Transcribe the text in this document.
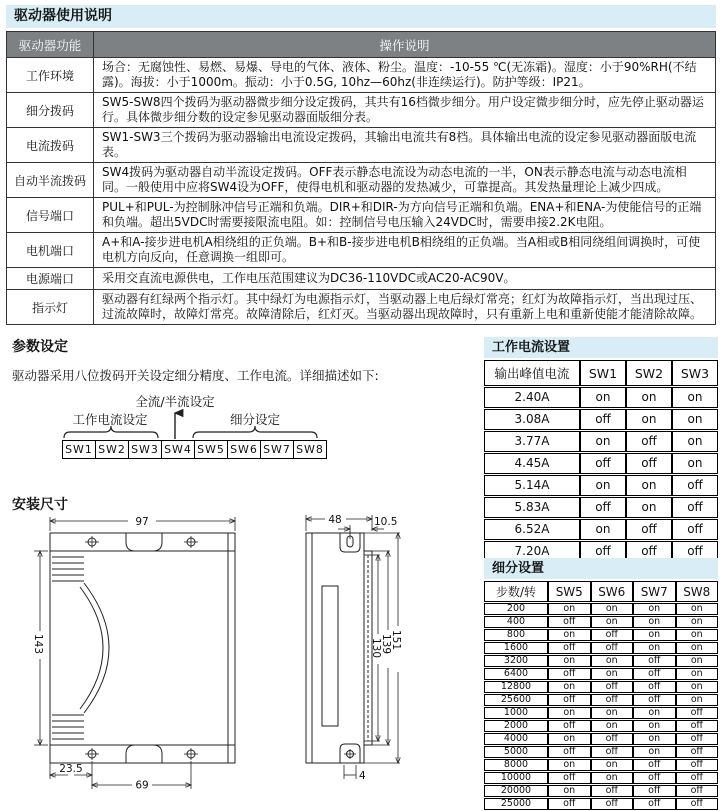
驱动器使用说明
驱动器功能	操作说明
工作环境	场合：无腐蚀性、易燃、易爆、导电的气体、液体、粉尘。温度：-10-55 ℃(无冻霜)。湿度：小于90%RH(不结露)。海拔：小于1000m。振动：小于0.5G, 10hz—60hz(非连续运行)。防护等级：IP21。
细分拨码	SW5-SW8四个拨码为驱动器微步细分设定拨码，其共有16档微步细分。用户设定微步细分时，应先停止驱动器运行。具体微步细分数的设定参见驱动器面版细分表。
电流拨码	SW1-SW3三个拨码为驱动器输出电流设定拨码，其输出电流共有8档。具体输出电流的设定参见驱动器面版电流表。
自动半流拨码	SW4拨码为驱动器自动半流设定拨码。OFF表示静态电流设为动态电流的一半，ON表示静态电流与动态电流相同。一般使用中应将SW4设为OFF，使得电机和驱动器的发热减少，可靠提高。其发热量理论上减少四成。
信号端口	PUL+和PUL-为控制脉冲信号正端和负端。DIR+和DIR-为方向信号正端和负端。ENA+和ENA-为使能信号的正端和负端。超出5VDC时需要接限流电阻。如：控制信号电压输入24VDC时，需要串接2.2K电阻。
电机端口	A+和A-接步进电机A相绕组的正负端。B+和B-接步进电机B相绕组的正负端。当A相或B相同绕组间调换时，可使电机方向反向，任意调换一组即可。
电源端口	采用交直流电源供电，工作电压范围建议为DC36-110VDC或AC20-AC90V。
指示灯	驱动器有红绿两个指示灯。其中绿灯为电源指示灯，当驱动器上电后绿灯常亮；红灯为故障指示灯，当出现过压、过流故障时，故障灯常亮。故障清除后，红灯灭。当驱动器出现故障时，只有重新上电和重新使能才能清除故障。
参数设定
驱动器采用八位拨码开关设定细分精度、工作电流。详细描述如下:
全流/半流设定
工作电流设定	细分设定
SW1 SW2 SW3 SW4 SW5 SW6 SW7 SW8
安装尺寸
97
143
23.5
69
48	10.5
130
139
151
4
工作电流设置
输出峰值电流	SW1	SW2	SW3
2.40A	on	on	on
3.08A	off	on	on
3.77A	on	off	on
4.45A	off	off	on
5.14A	on	on	off
5.83A	off	on	off
6.52A	on	off	off
7.20A	off	off	off
细分设置
步数/转	SW5	SW6	SW7	SW8
200	on	on	on	on
400	off	on	on	on
800	on	off	on	on
1600	off	off	on	on
3200	on	on	off	on
6400	off	on	off	on
12800	on	off	off	on
25600	off	off	off	on
1000	on	on	on	off
2000	off	on	on	off
4000	on	off	on	off
5000	off	off	on	off
8000	on	on	off	off
10000	off	on	off	off
20000	on	off	off	off
25000	off	off	off	off
